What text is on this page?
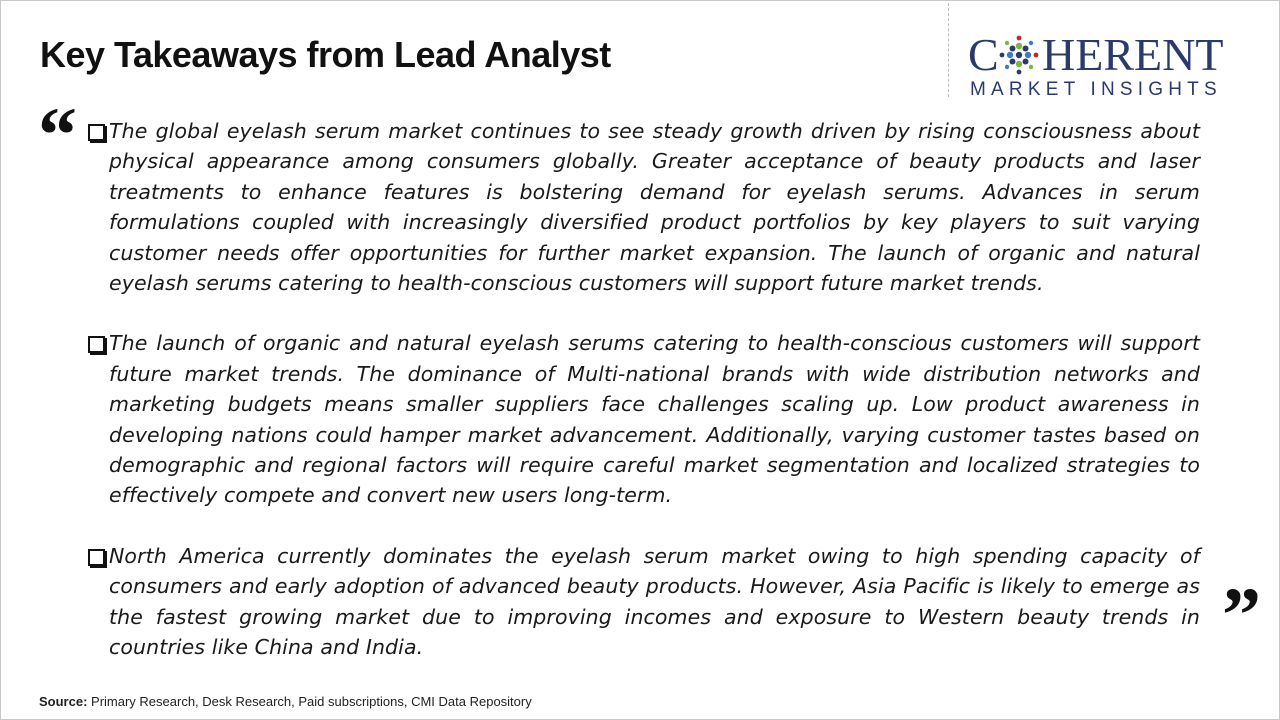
Key Takeaways from Lead Analyst	C HERENT
MARKET INSIGHTS
“ The global eyelash serum market continues to see steady growth driven by rising consciousness about physical appearance among consumers globally. Greater acceptance of beauty products and laser treatments to enhance features is bolstering demand for eyelash serums. Advances in serum formulations coupled with increasingly diversified product portfolios by key players to suit varying customer needs offer opportunities for further market expansion. The launch of organic and natural eyelash serums catering to health-conscious customers will support future market trends.
The launch of organic and natural eyelash serums catering to health-conscious customers will support future market trends. The dominance of Multi-national brands with wide distribution networks and marketing budgets means smaller suppliers face challenges scaling up. Low product awareness in developing nations could hamper market advancement. Additionally, varying customer tastes based on demographic and regional factors will require careful market segmentation and localized strategies to effectively compete and convert new users long-term.
North America currently dominates the eyelash serum market owing to high spending capacity of consumers and early adoption of advanced beauty products. However, Asia Pacific is likely to emerge as the fastest growing market due to improving incomes and exposure to Western beauty trends in countries like China and India.	”
Source: Primary Research, Desk Research, Paid subscriptions, CMI Data Repository
